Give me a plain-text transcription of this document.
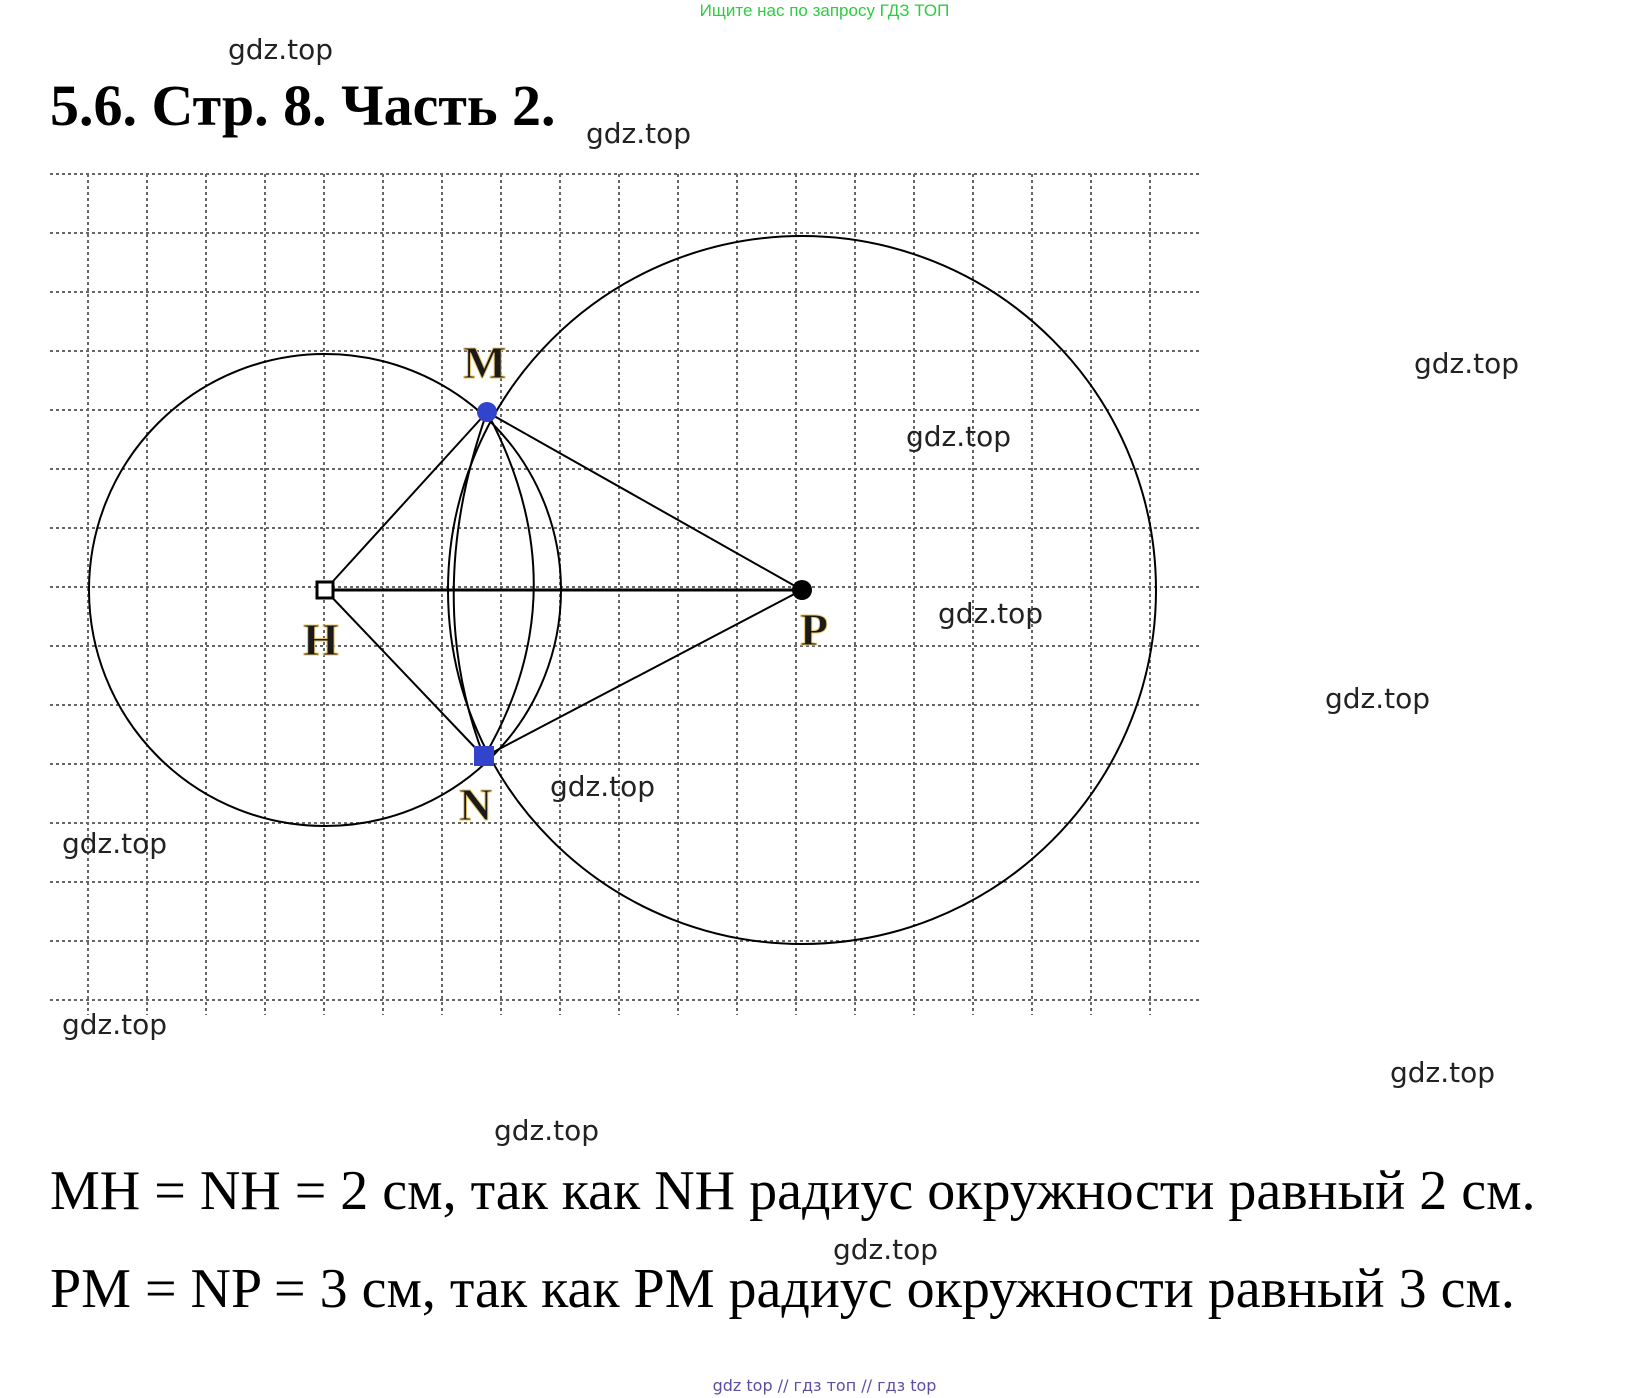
Ищите нас по запросу ГДЗ ТОП
5.6. Стр. 8. Часть 2.
M
N
H	P
gdz.top
gdz.top
gdz.top
gdz.top
gdz.top
gdz.top
gdz.top
gdz.top
gdz.top
gdz.top
gdz.top
gdz.top

MH = NH = 2 см, так как NH радиус окружности равный 2 см.

PM = NP = 3 см, так как PM радиус окружности равный 3 см.

gdz top // гдз топ // гдз top
